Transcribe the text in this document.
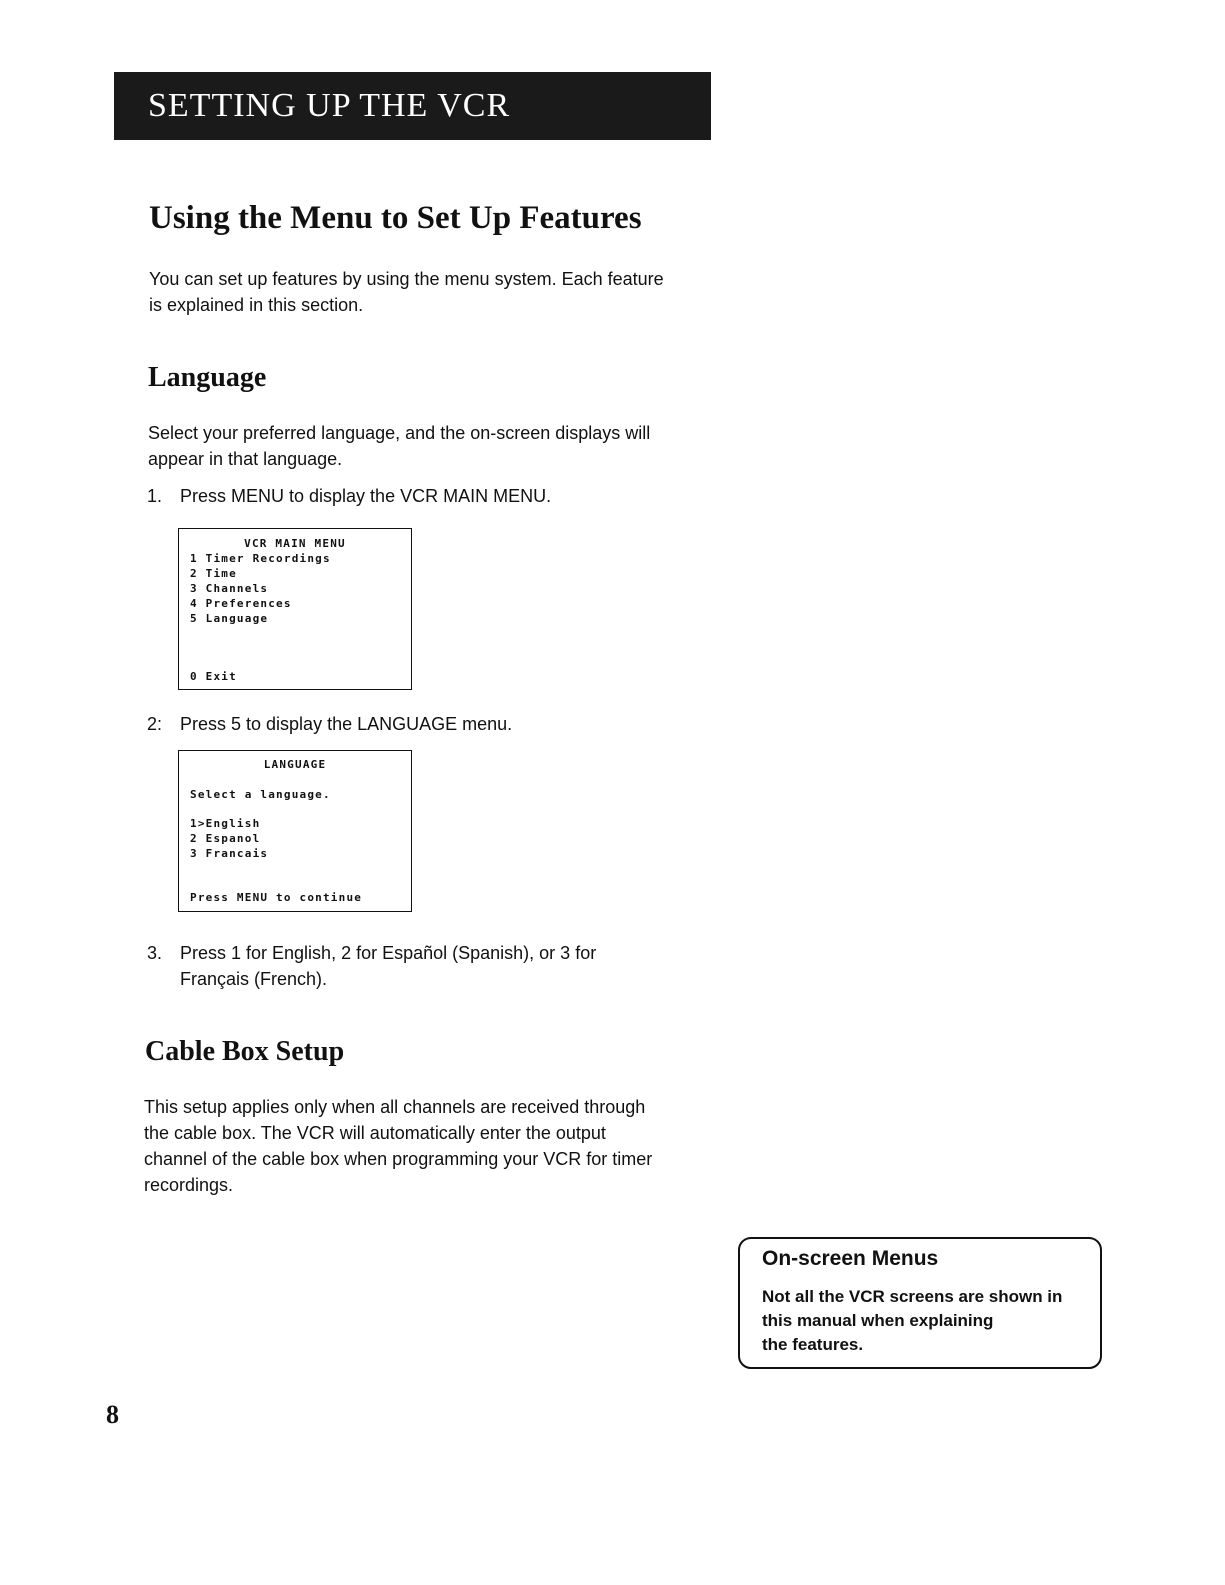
SETTING UP THE VCR
Using the Menu to Set Up Features

You can set up features by using the menu system. Each feature
is explained in this section.

Language

Select your preferred language, and the on-screen displays will
appear in that language.

1. Press MENU to display the VCR MAIN MENU.
VCR MAIN MENU
1 Timer Recordings
2 Time
3 Channels
4 Preferences
5 Language
0 Exit
2: Press 5 to display the LANGUAGE menu.
LANGUAGE
Select a language.
1>English
2 Espanol
3 Francais
Press MENU to continue
3. Press 1 for English, 2 for Español (Spanish), or 3 for
Français (French).
Cable Box Setup

This setup applies only when all channels are received through
the cable box. The VCR will automatically enter the output
channel of the cable box when programming your VCR for timer
recordings.

On-screen Menus
Not all the VCR screens are shown in
this manual when explaining
the features.
8
